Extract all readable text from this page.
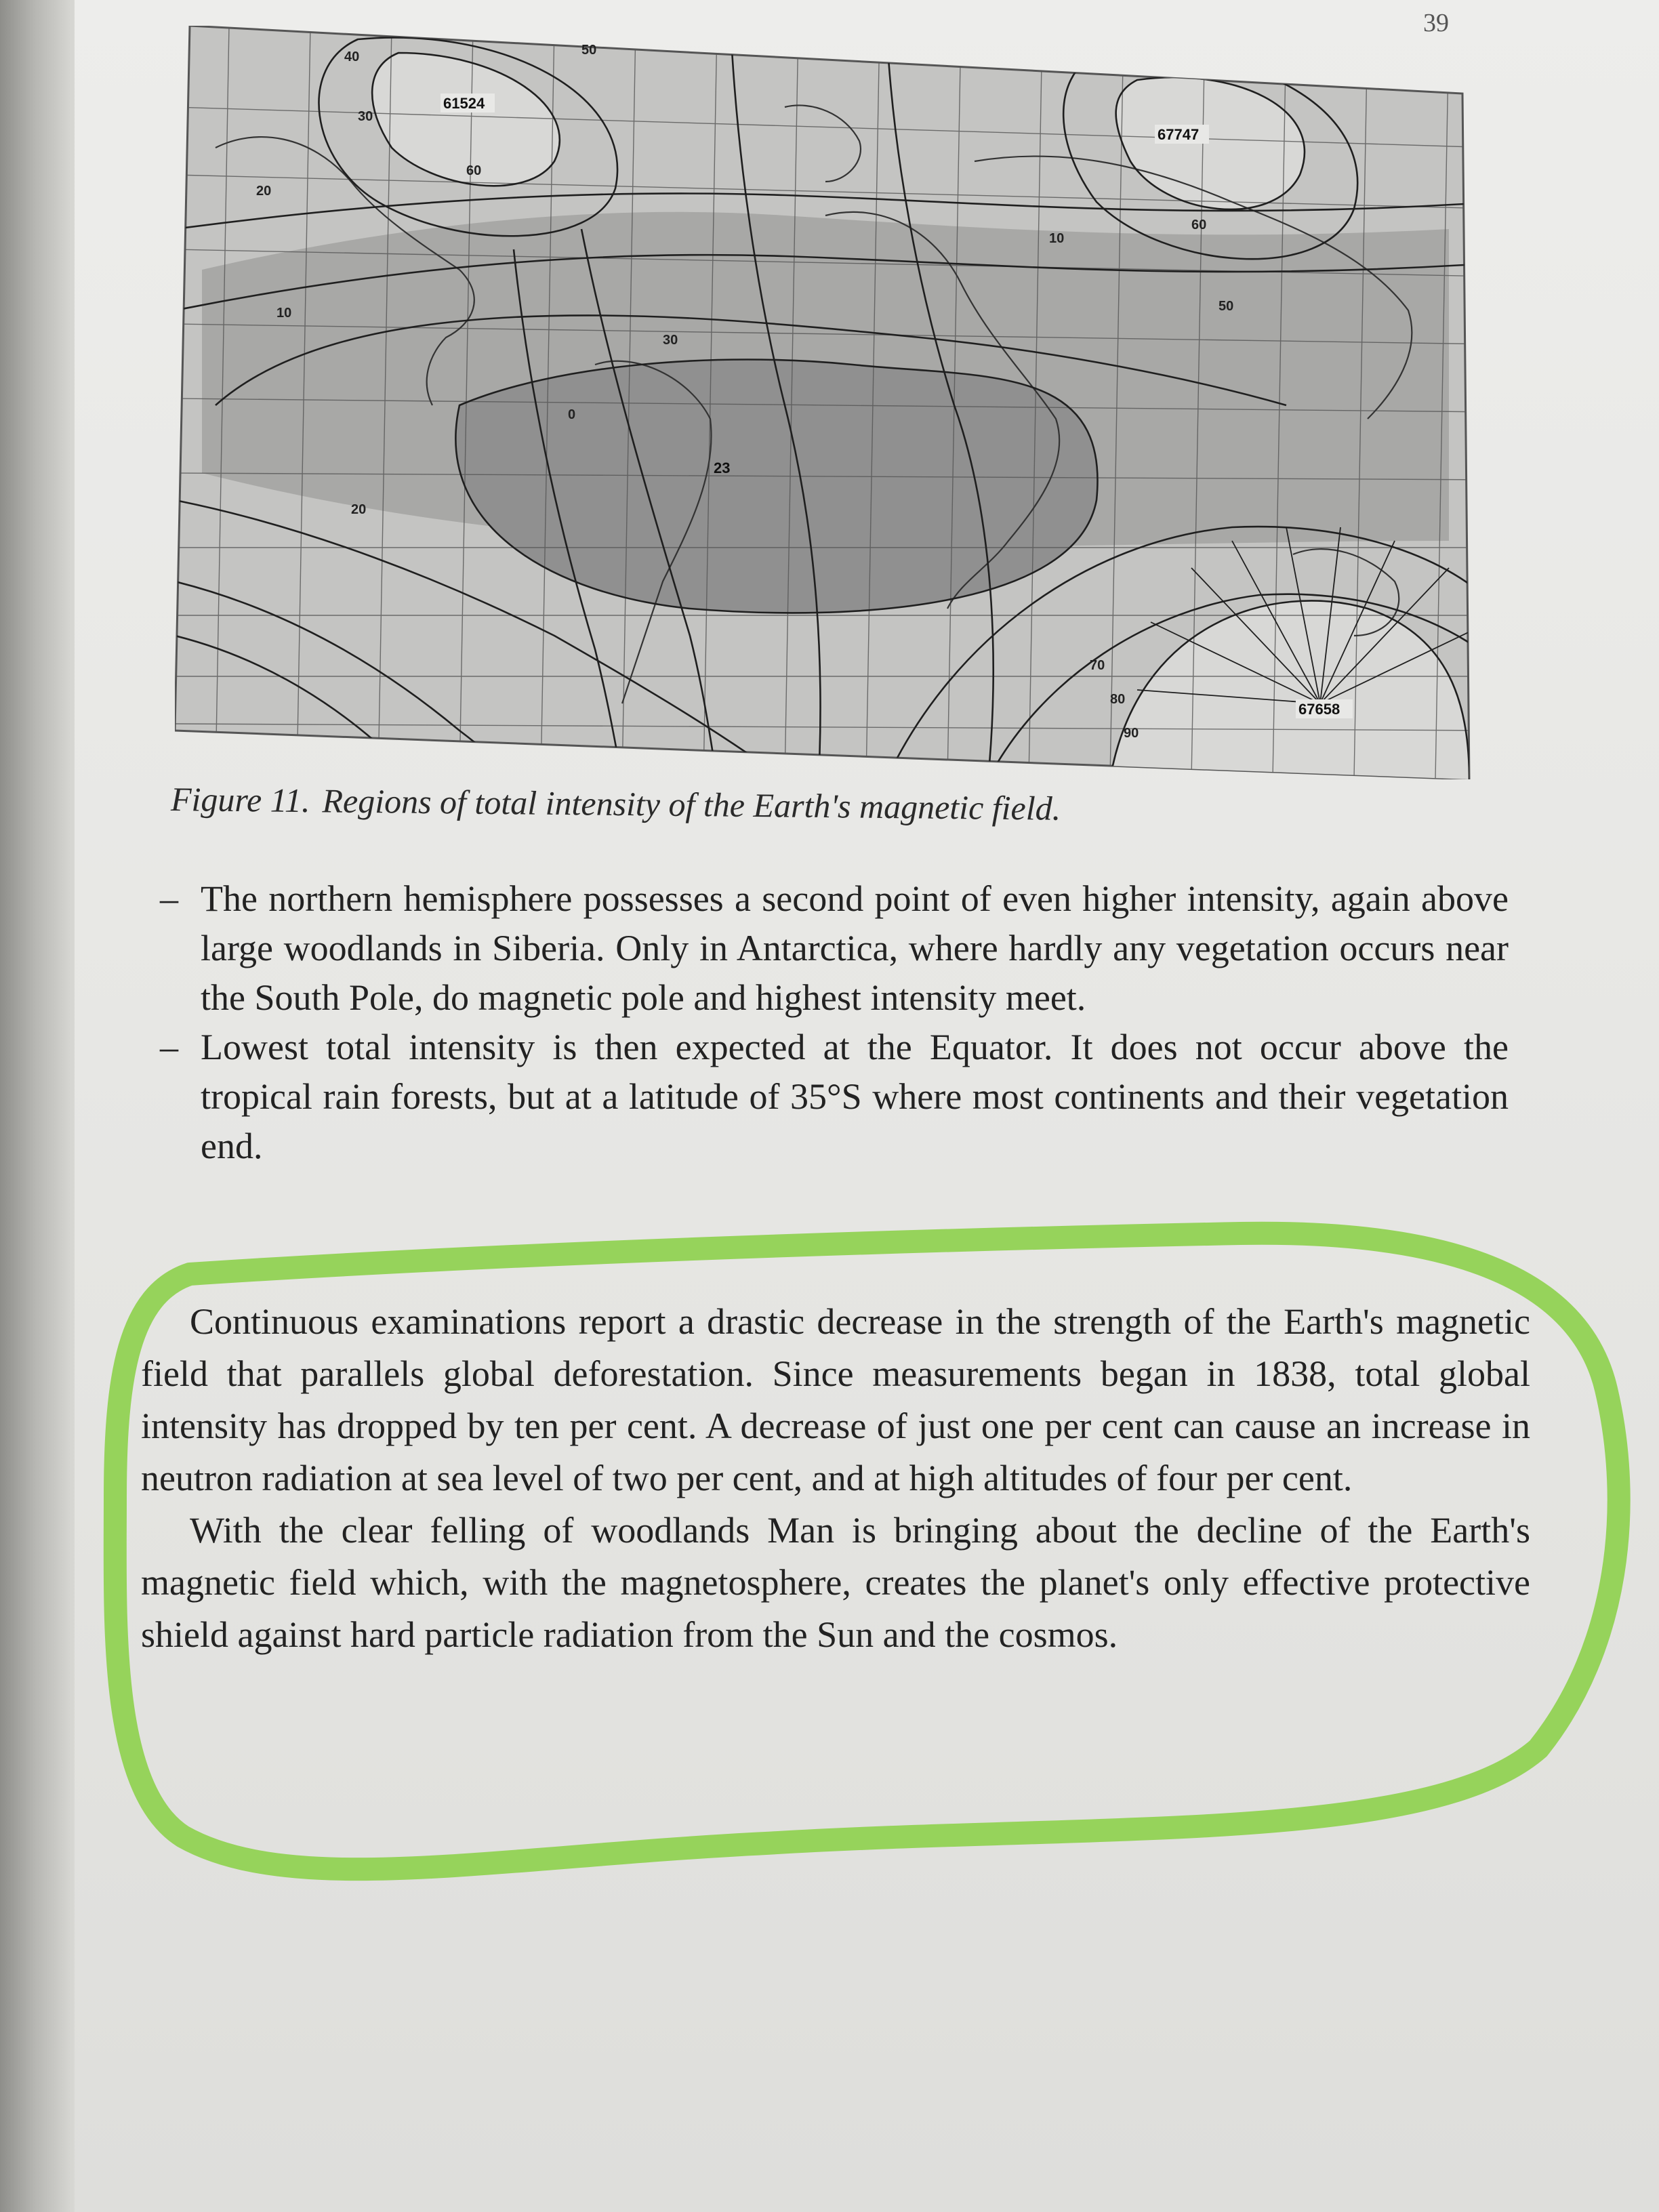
39
40	50
30
60
20
10
30
20
10
0
60
50
70
80
90
61524
67747
23
67658
Figure 11. Regions of total intensity of the Earth's magnetic field.
– The northern hemisphere possesses a second point of even higher intensity, again above large woodlands in Siberia. Only in Antarctica, where hardly any vegetation occurs near the South Pole, do magnetic pole and highest intensity meet.
– Lowest total intensity is then expected at the Equator. It does not occur above the tropical rain forests, but at a latitude of 35°S where most continents and their vegetation end.

Continuous examinations report a drastic decrease in the strength of the Earth's magnetic field that parallels global deforestation. Since measurements began in 1838, total global intensity has dropped by ten per cent. A decrease of just one per cent can cause an increase in neutron radiation at sea level of two per cent, and at high altitudes of four per cent.

With the clear felling of woodlands Man is bringing about the decline of the Earth's magnetic field which, with the magnetosphere, creates the planet's only effective protective shield against hard particle radiation from the Sun and the cosmos.
